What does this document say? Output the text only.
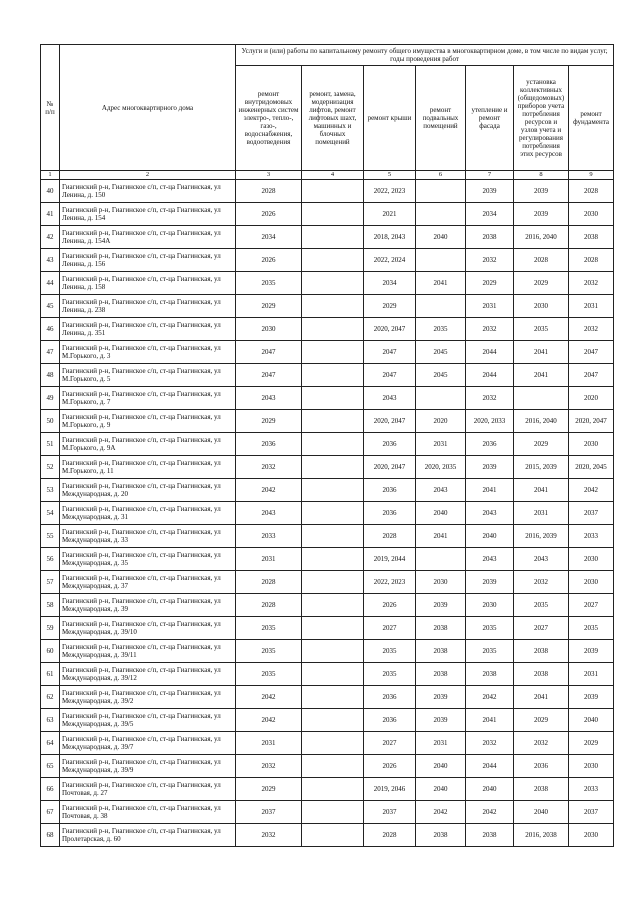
№
п/п	Адрес многоквартирного дома	Услуги и (или) работы по капитальному ремонту общего имущества в многоквартирном доме, в том числе по видам услуг, годы проведения работ						
		ремонт внутридомовых инженерных систем электро-, тепло-, газо-, водоснабжения, водоотведения	ремонт, замена, модернизация лифтов, ремонт лифтовых шахт, машинных и блочных помещений	ремонт крыши	ремонт подвальных помещений	утепление и ремонт фасада	установка коллективных (общедомовых) приборов учета потребления ресурсов и узлов учета и регулирования потребления этих ресурсов	ремонт фундамента
1	2	3	4	5	6	7	8	9
40	Гиагинский р-н, Гиагинское с/п, ст-ца Гиагинская, ул Ленина, д. 150	2028		2022, 2023		2039	2039	2028
41	Гиагинский р-н, Гиагинское с/п, ст-ца Гиагинская, ул Ленина, д. 154	2026		2021		2034	2039	2030
42	Гиагинский р-н, Гиагинское с/п, ст-ца Гиагинская, ул Ленина, д. 154А	2034		2018, 2043	2040	2038	2016, 2040	2038
43	Гиагинский р-н, Гиагинское с/п, ст-ца Гиагинская, ул Ленина, д. 156	2026		2022, 2024		2032	2028	2028
44	Гиагинский р-н, Гиагинское с/п, ст-ца Гиагинская, ул Ленина, д. 158	2035		2034	2041	2029	2029	2032
45	Гиагинский р-н, Гиагинское с/п, ст-ца Гиагинская, ул Ленина, д. 238	2029		2029		2031	2030	2031
46	Гиагинский р-н, Гиагинское с/п, ст-ца Гиагинская, ул Ленина, д. 351	2030		2020, 2047	2035	2032	2035	2032
47	Гиагинский р-н, Гиагинское с/п, ст-ца Гиагинская, ул М.Горького, д. 3	2047		2047	2045	2044	2041	2047
48	Гиагинский р-н, Гиагинское с/п, ст-ца Гиагинская, ул М.Горького, д. 5	2047		2047	2045	2044	2041	2047
49	Гиагинский р-н, Гиагинское с/п, ст-ца Гиагинская, ул М.Горького, д. 7	2043		2043		2032		2020
50	Гиагинский р-н, Гиагинское с/п, ст-ца Гиагинская, ул М.Горького, д. 9	2029		2020, 2047	2020	2020, 2033	2016, 2040	2020, 2047
51	Гиагинский р-н, Гиагинское с/п, ст-ца Гиагинская, ул М.Горького, д. 9А	2036		2036	2031	2036	2029	2030
52	Гиагинский р-н, Гиагинское с/п, ст-ца Гиагинская, ул М.Горького, д. 11	2032		2020, 2047	2020, 2035	2039	2015, 2039	2020, 2045
53	Гиагинский р-н, Гиагинское с/п, ст-ца Гиагинская, ул Международная, д. 20	2042		2036	2043	2041	2041	2042
54	Гиагинский р-н, Гиагинское с/п, ст-ца Гиагинская, ул Международная, д. 31	2043		2036	2040	2043	2031	2037
55	Гиагинский р-н, Гиагинское с/п, ст-ца Гиагинская, ул Международная, д. 33	2033		2028	2041	2040	2016, 2039	2033
56	Гиагинский р-н, Гиагинское с/п, ст-ца Гиагинская, ул Международная, д. 35	2031		2019, 2044		2043	2043	2030
57	Гиагинский р-н, Гиагинское с/п, ст-ца Гиагинская, ул Международная, д. 37	2028		2022, 2023	2030	2039	2032	2030
58	Гиагинский р-н, Гиагинское с/п, ст-ца Гиагинская, ул Международная, д. 39	2028		2026	2039	2030	2035	2027
59	Гиагинский р-н, Гиагинское с/п, ст-ца Гиагинская, ул Международная, д. 39/10	2035		2027	2038	2035	2027	2035
60	Гиагинский р-н, Гиагинское с/п, ст-ца Гиагинская, ул Международная, д. 39/11	2035		2035	2038	2035	2038	2039
61	Гиагинский р-н, Гиагинское с/п, ст-ца Гиагинская, ул Международная, д. 39/12	2035		2035	2038	2038	2038	2031
62	Гиагинский р-н, Гиагинское с/п, ст-ца Гиагинская, ул Международная, д. 39/2	2042		2036	2039	2042	2041	2039
63	Гиагинский р-н, Гиагинское с/п, ст-ца Гиагинская, ул Международная, д. 39/5	2042		2036	2039	2041	2029	2040
64	Гиагинский р-н, Гиагинское с/п, ст-ца Гиагинская, ул Международная, д. 39/7	2031		2027	2031	2032	2032	2029
65	Гиагинский р-н, Гиагинское с/п, ст-ца Гиагинская, ул Международная, д. 39/9	2032		2026	2040	2044	2036	2030
66	Гиагинский р-н, Гиагинское с/п, ст-ца Гиагинская, ул Почтовая, д. 27	2029		2019, 2046	2040	2040	2038	2033
67	Гиагинский р-н, Гиагинское с/п, ст-ца Гиагинская, ул Почтовая, д. 38	2037		2037	2042	2042	2040	2037
68	Гиагинский р-н, Гиагинское с/п, ст-ца Гиагинская, ул Пролетарская, д. 60	2032		2028	2038	2038	2016, 2038	2030
